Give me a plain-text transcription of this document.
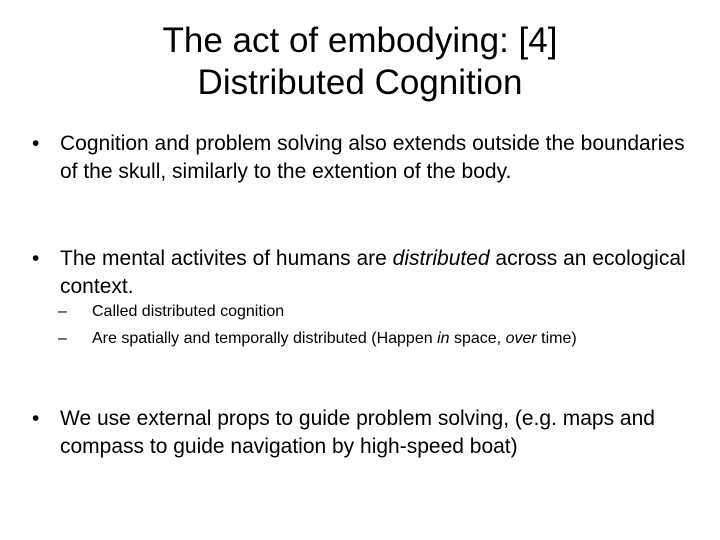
The act of embodying: [4]
Distributed Cognition
• Cognition and problem solving also extends outside the boundaries of the skull, similarly to the extention of the body.
• The mental activites of humans are distributed across an ecological context.
– Called distributed cognition
– Are spatially and temporally distributed (Happen in space, over time)
• We use external props to guide problem solving, (e.g. maps and compass to guide navigation by high-speed boat)
